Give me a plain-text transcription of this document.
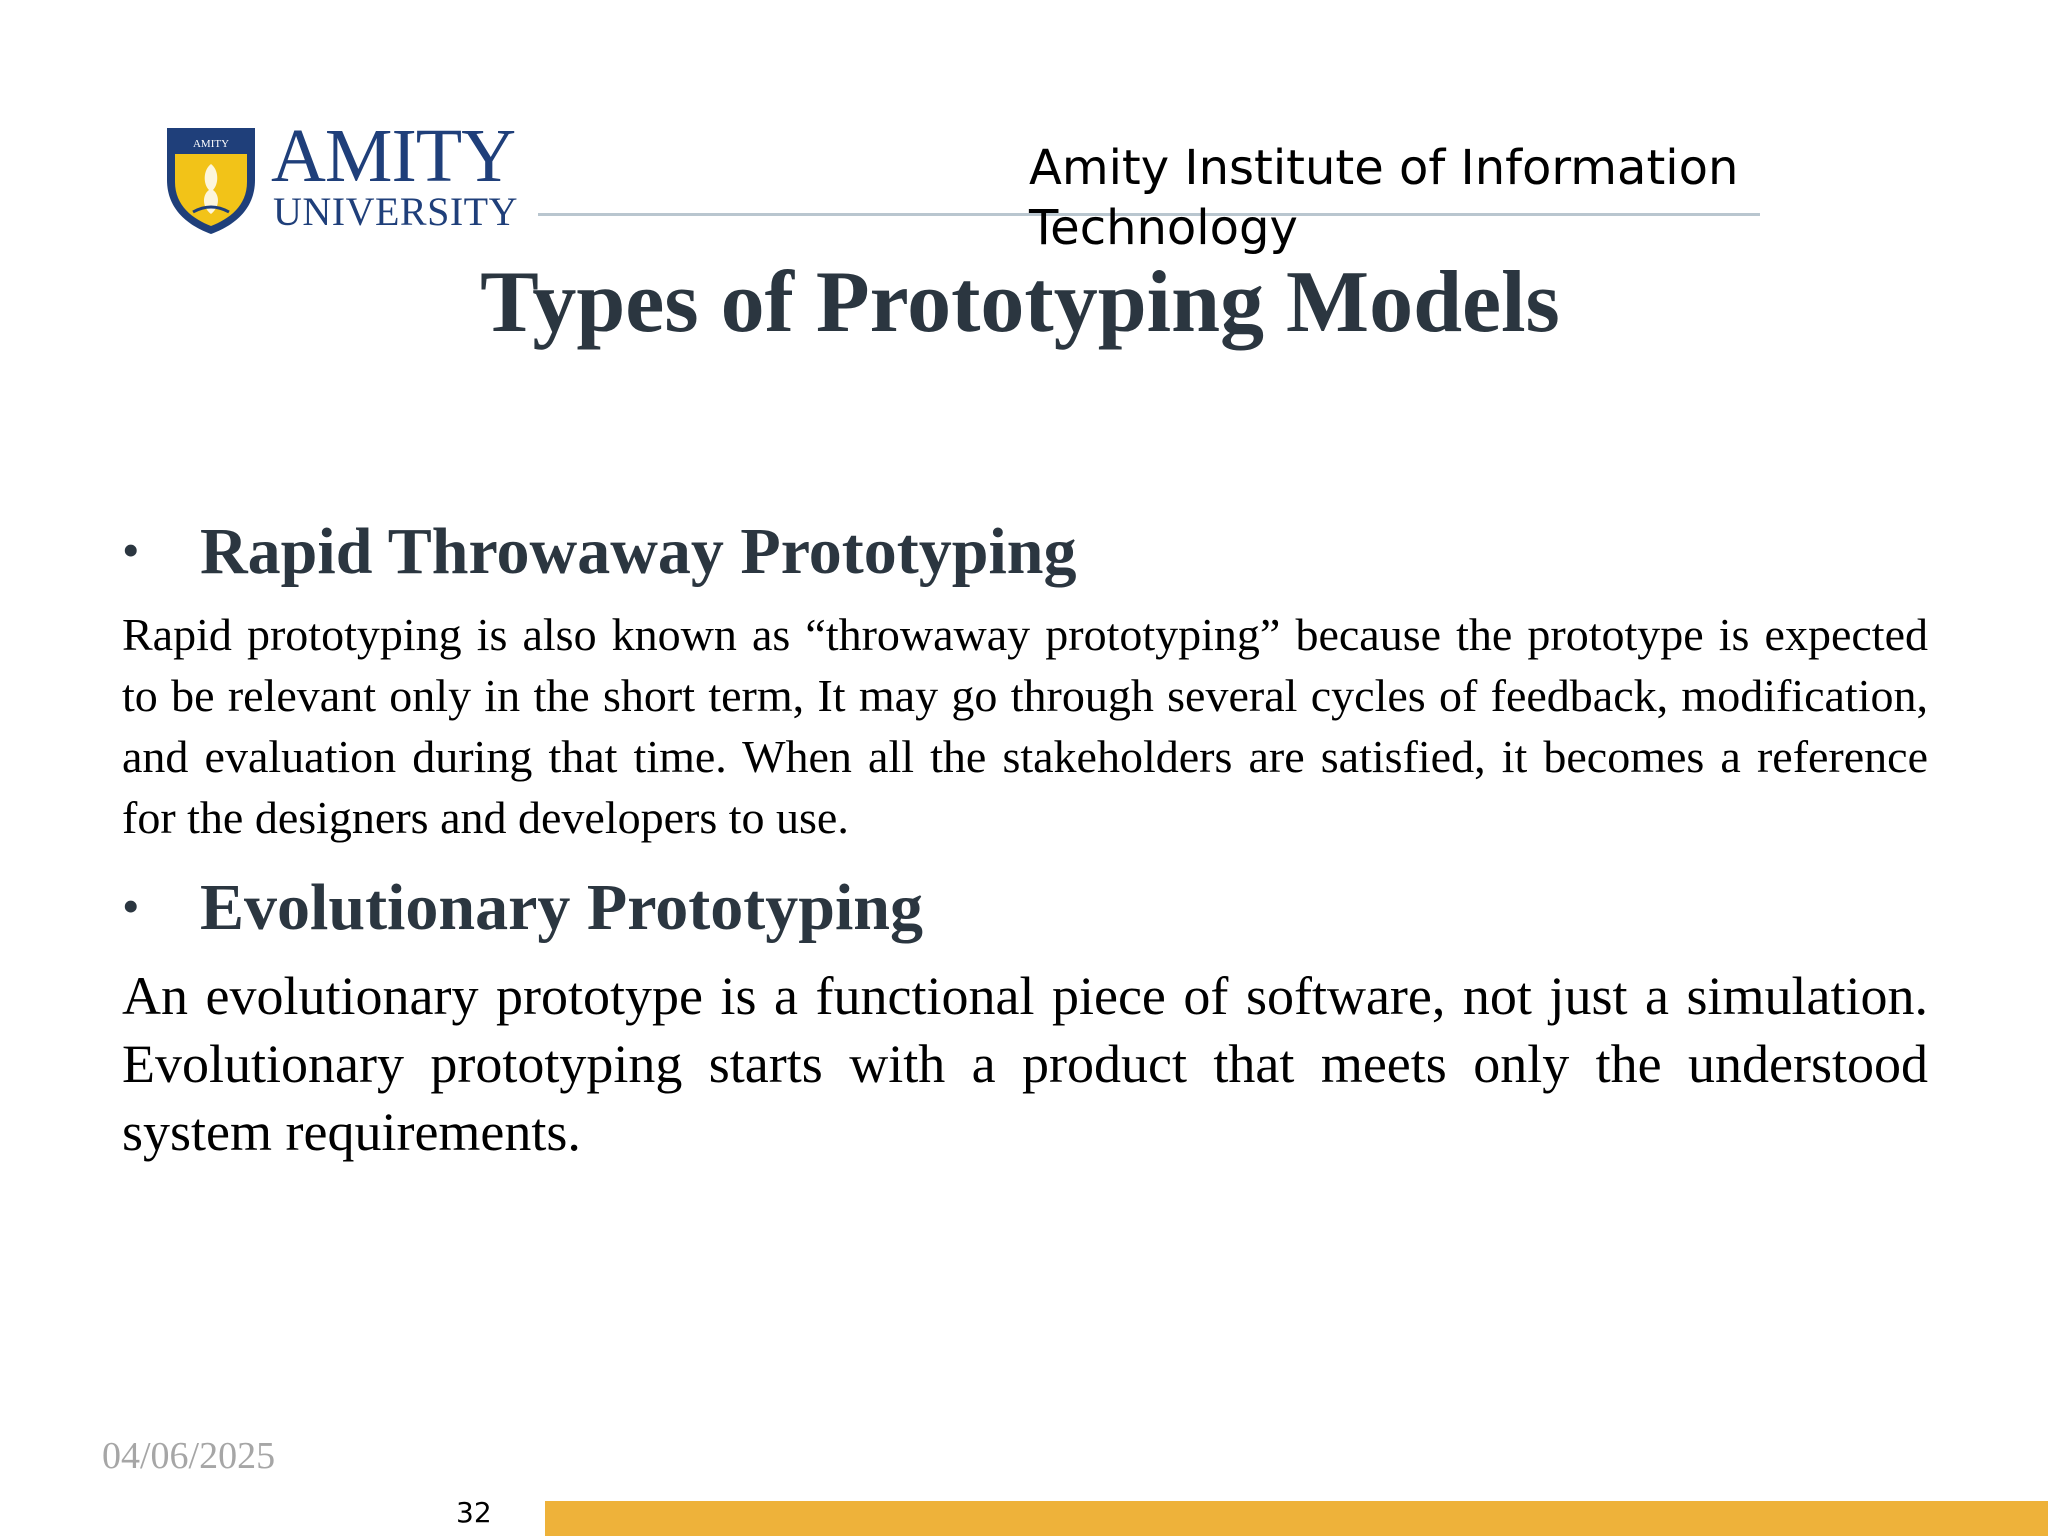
AMITY AMITY
UNIVERSITY
Amity Institute of Information Technology
Types of Prototyping Models
• Rapid Throwaway Prototyping

Rapid prototyping is also known as “throwaway prototyping” because the prototype is expected to be relevant only in the short term, It may go through several cycles of feedback, modification, and evaluation during that time. When all the stakeholders are satisfied, it becomes a reference for the designers and developers to use.

• Evolutionary Prototyping

An evolutionary prototype is a functional piece of software, not just a simulation. Evolutionary prototyping starts with a product that meets only the understood system requirements.

04/06/2025
32
